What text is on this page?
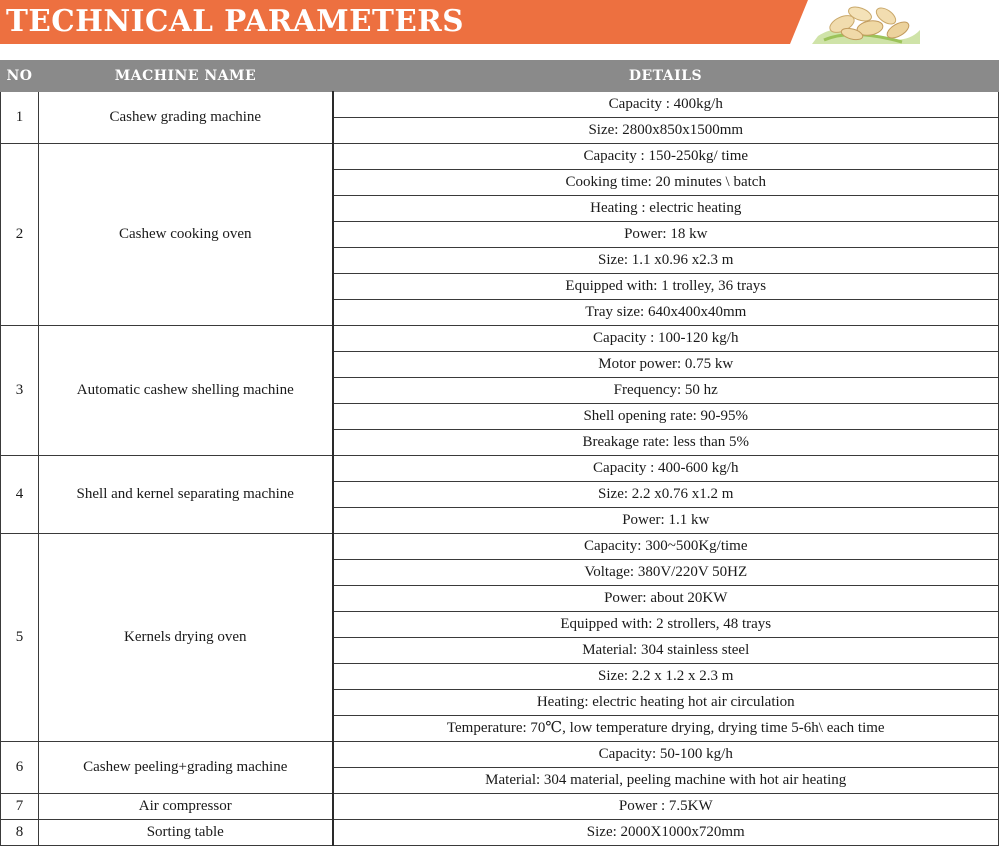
TECHNICAL PARAMETERS
NO	MACHINE NAME	DETAILS
1	Cashew grading machine	Capacity : 400kg/h
		Size: 2800x850x1500mm
2	Cashew cooking oven	Capacity : 150-250kg/ time
		Cooking time: 20 minutes \ batch
		Heating : electric heating
		Power: 18 kw
		Size: 1.1 x0.96 x2.3 m
		Equipped with: 1 trolley, 36 trays
		Tray size: 640x400x40mm
3	Automatic cashew shelling machine	Capacity : 100-120 kg/h
		Motor power: 0.75 kw
		Frequency: 50 hz
		Shell opening rate: 90-95%
		Breakage rate: less than 5%
4	Shell and kernel separating machine	Capacity : 400-600 kg/h
		Size: 2.2 x0.76 x1.2 m
		Power: 1.1 kw
5	Kernels drying oven	Capacity: 300~500Kg/time
		Voltage: 380V/220V 50HZ
		Power: about 20KW
		Equipped with: 2 strollers, 48 trays
		Material: 304 stainless steel
		Size: 2.2 x 1.2 x 2.3 m
		Heating: electric heating hot air circulation
		Temperature: 70℃, low temperature drying, drying time 5-6h\ each time
6	Cashew peeling+grading machine	Capacity: 50-100 kg/h
		Material: 304 material, peeling machine with hot air heating
7	Air compressor	Power : 7.5KW
8	Sorting table	Size: 2000X1000x720mm
